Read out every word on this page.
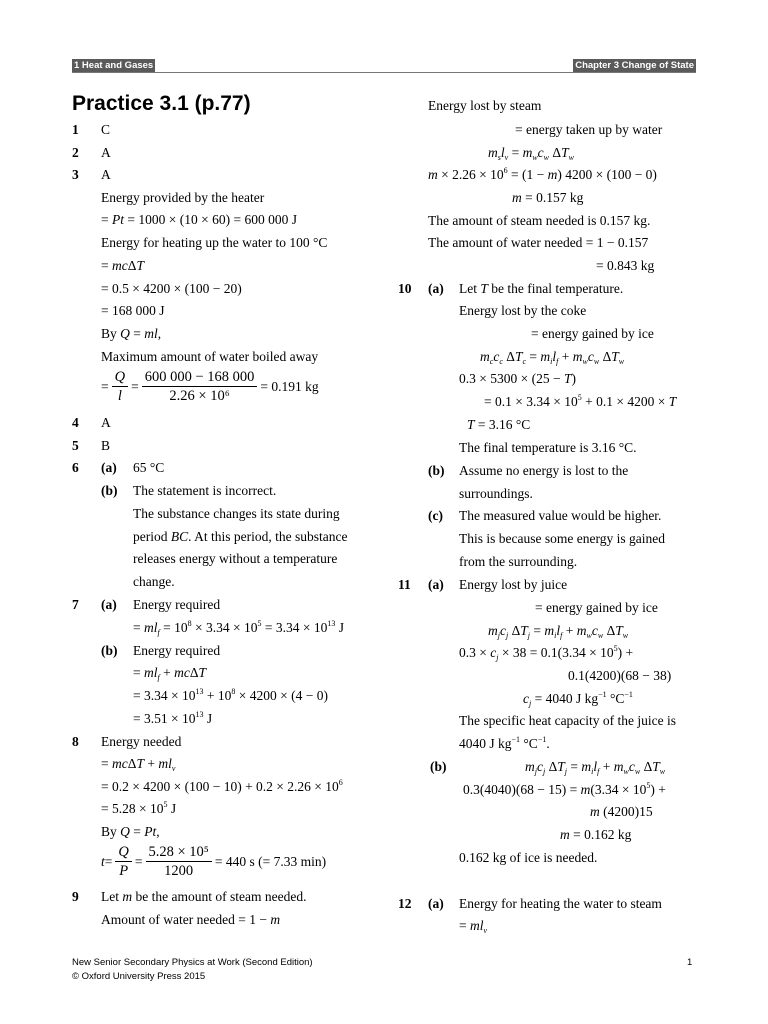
1 Heat and Gases	Chapter 3 Change of State
Practice 3.1 (p.77)
1 C
2 A
3 A
Energy provided by the heater
= Pt = 1000 × (10 × 60) = 600 000 J
Energy for heating up the water to 100 °C
= mcΔT
= 0.5 × 4200 × (100 − 20)
= 168 000 J
By Q = ml,
Maximum amount of water boiled away
= $\frac{Q}{l} = \frac{600 000 - 168 000}{\text{2.26 × 10⁶}} = 0.191$ kg
4 A
5 B
6 (a) 65 °C
(b) The statement is incorrect.
The substance changes its state during
period BC. At this period, the substance
releases energy without a temperature
change.
7 (a) Energy required
= $ml_f = 10^8 \times 3.34 \times 10^5 = 3.34 \times 10^{13}$ J
(b) Energy required
= $ml_f + mc\Delta T$
= $3.34 \times 10^{13} + 10^8 \times 4200 \times (4 - 0)$
= $3.51 \times 10^{13}$ J
8 Energy needed
= $mc\Delta T + ml_v$
= $0.2 \times 4200 \times (100 - 10) + 0.2 \times 2.26 \times 10^6$
= $5.28 \times 10^5$ J
By Q = Pt,
$t = \frac{Q}{P} = \frac{\text{5.28 × 10⁵}}{1200} = 440$ s (= 7.33 min)
9 Let m be the amount of steam needed.
Amount of water needed = 1 − m
Energy lost by steam
= energy taken up by water
$m_sl_v = m_wc_w$ $\Delta T_w$
$m \times 2.26 \times 10^6 = (1 - m) 4200 \times (100 - 0)$
m = 0.157 kg
The amount of steam needed is 0.157 kg.
The amount of water needed = 1 − 0.157
= 0.843 kg
10 (a) Let T be the final temperature.
Energy lost by the coke
= energy gained by ice
$m_cc_c$ $\Delta T_c = m_il_f + m_wc_w$ $\Delta T_w$
0.3 × 5300 × (25 − T)
= $0.1 \times 3.34 \times 10^5 + 0.1 \times 4200 \times T$
T = 3.16 °C
The final temperature is 3.16 °C.
(b) Assume no energy is lost to the
surroundings.
(c) The measured value would be higher.
This is because some energy is gained
from the surrounding.
11 (a) Energy lost by juice
= energy gained by ice
$m_jc_j$ $\Delta T_j = m_il_f + m_wc_w$ $\Delta T_w$
$0.3 \times c_j \times 38 = 0.1(3.34 \times 10^5)$ +
0.1(4200)(68 − 38)
$c_j = 4040$ J $kg^{-1}$ $^\circ C^{-1}$
The specific heat capacity of the juice is
4040 J $kg^{-1}$ $^\circ C^{-1}$.
(b)	$m_jc_j$ $\Delta T_j = m_il_f + m_wc_w$ $\Delta T_w$
$0.3(4040)(68 - 15) = m(3.34 \times 10^5)$ +
m (4200)15
m = 0.162 kg
0.162 kg of ice is needed.
12 (a) Energy for heating the water to steam
= $ml_v$
New Senior Secondary Physics at Work (Second Edition)
© Oxford University Press 2015
1
